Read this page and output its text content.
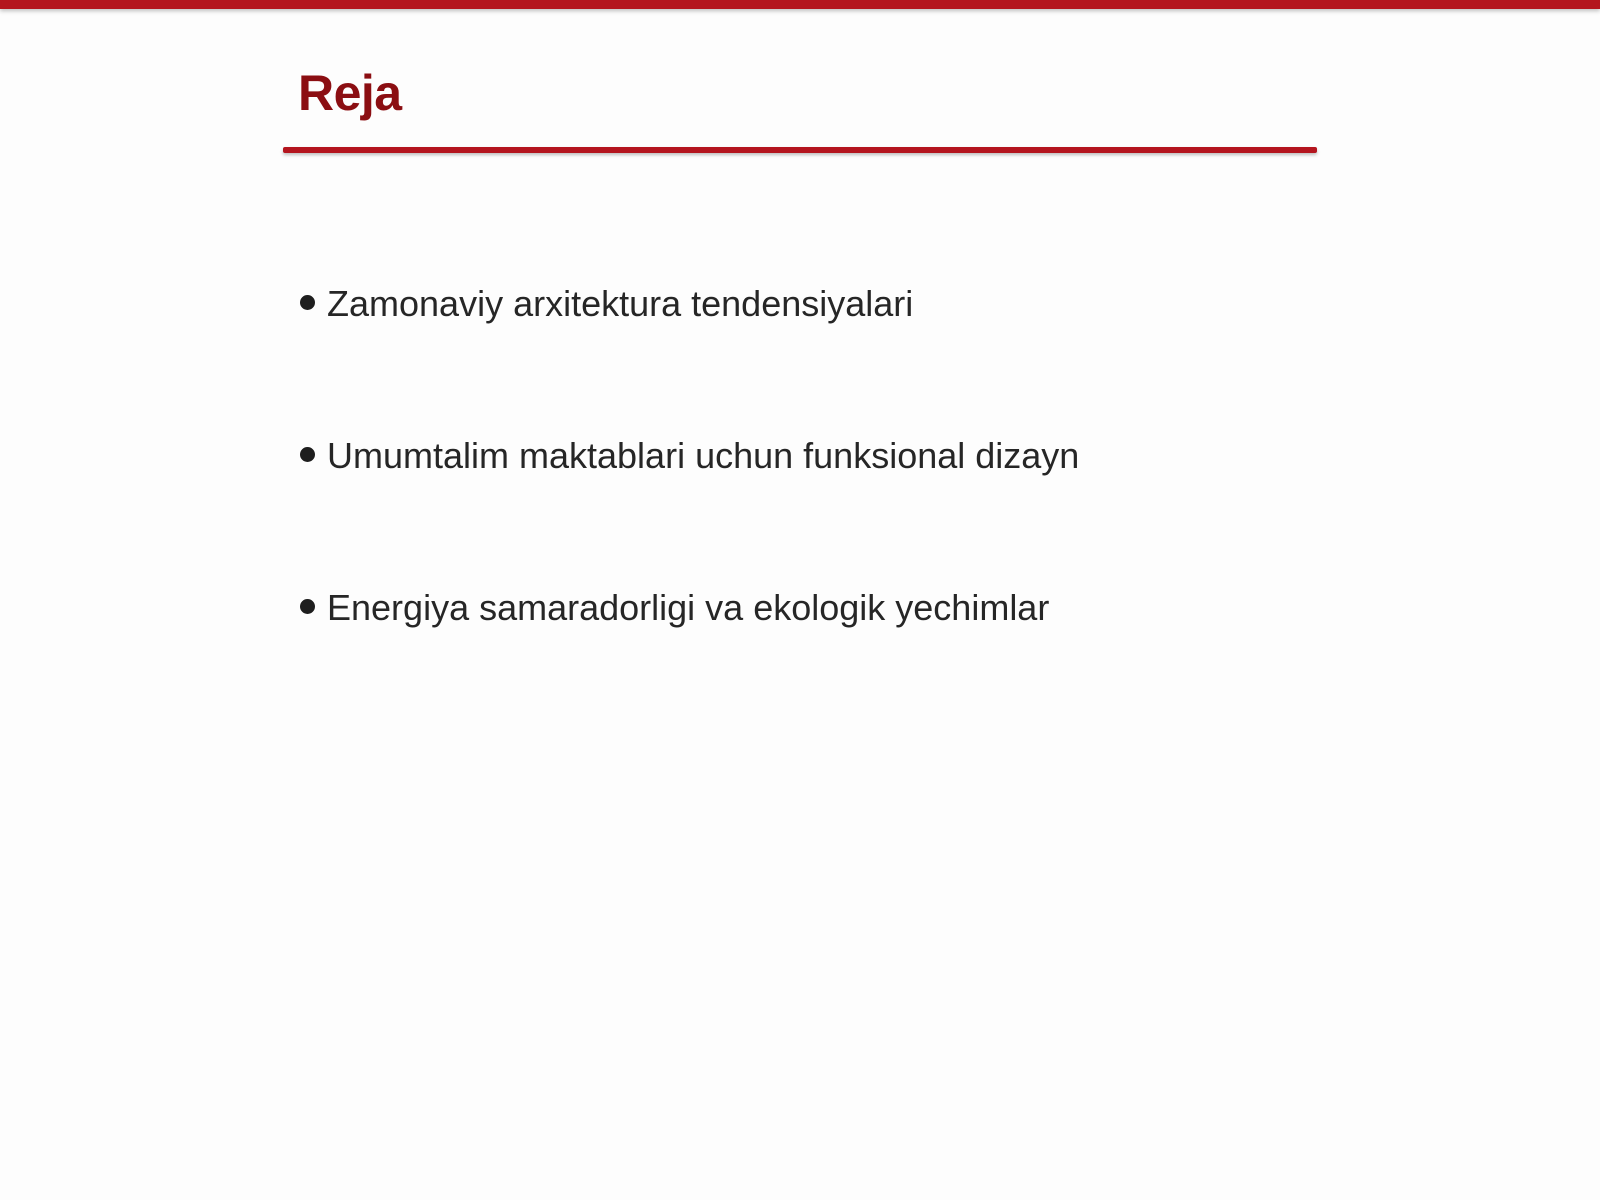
Reja
Zamonaviy arxitektura tendensiyalari
Umumtalim maktablari uchun funksional dizayn
Energiya samaradorligi va ekologik yechimlar
